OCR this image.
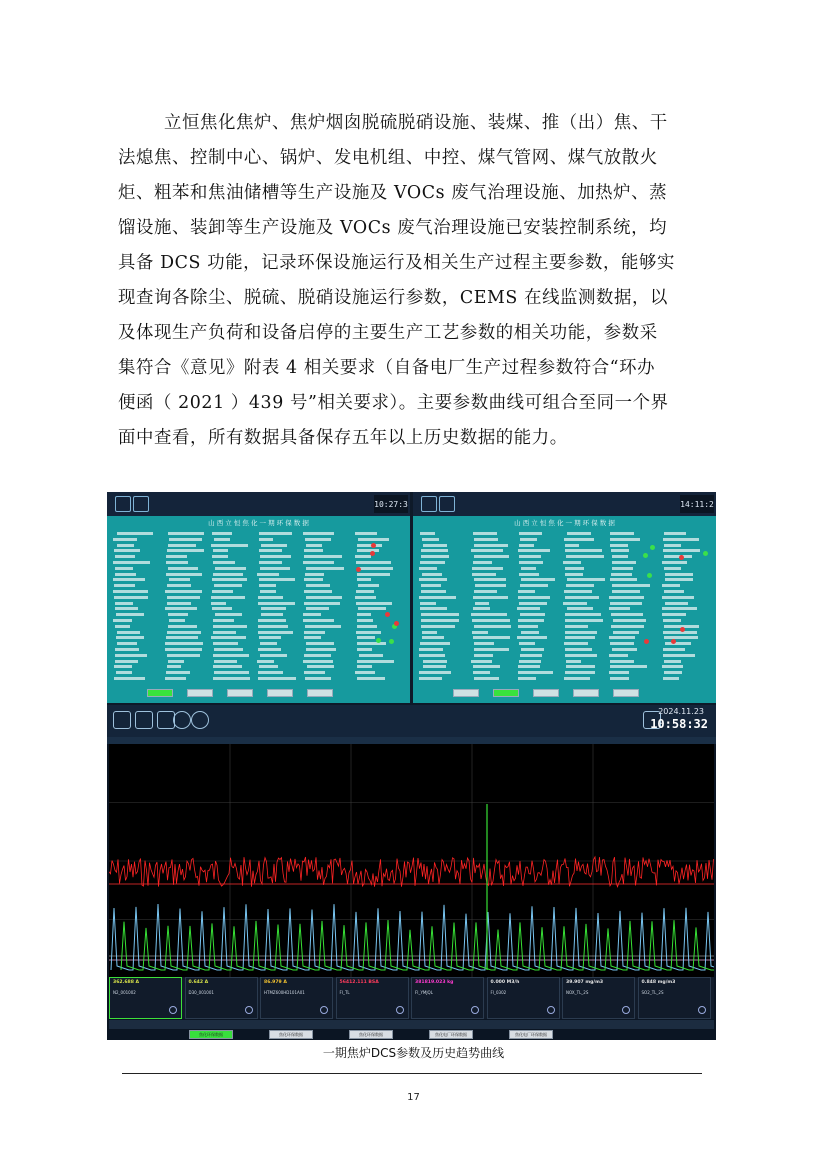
立恒焦化焦炉、焦炉烟囱脱硫脱硝设施、装煤、推（出）焦、干
法熄焦、控制中心、锅炉、发电机组、中控、煤气管网、煤气放散火
炬、粗苯和焦油储槽等生产设施及 VOCs 废气治理设施、加热炉、蒸
馏设施、装卸等生产设施及 VOCs 废气治理设施已安装控制系统，均
具备 DCS 功能，记录环保设施运行及相关生产过程主要参数，能够实
现查询各除尘、脱硫、脱硝设施运行参数，CEMS 在线监测数据，以
及体现生产负荷和设备启停的主要生产工艺参数的相关功能，参数采
集符合《意见》附表 4 相关要求（自备电厂生产过程参数符合“环办
便函（ 2021 ）439 号”相关要求）。主要参数曲线可组合至同一个界
面中查看，所有数据具备保存五年以上历史数据的能力。
10:27:3
山 西 立 恒 焦 化 一 期 环 保 数 据
14:11:2
山 西 立 恒 焦 化 一 期 环 保 数 据
2024.11.23
10:58:32
362.688 A
N2_001002
0.642 A
D30_001001
86.979 A
HTMZ600HD101A01
56412.111 BSA
FI_TL
381819.023 kg
FI_YMJQL
0.000 M3/h
FI_0302
39.907 mg/m3
NOX_TL_2S
0.848 mg/m3
SO2_TL_2S
焦化环保数据	焦化环保数据	焦化环保数据	焦化电厂环保数据	焦化电厂环保数据
一期焦炉DCS参数及历史趋势曲线
17
